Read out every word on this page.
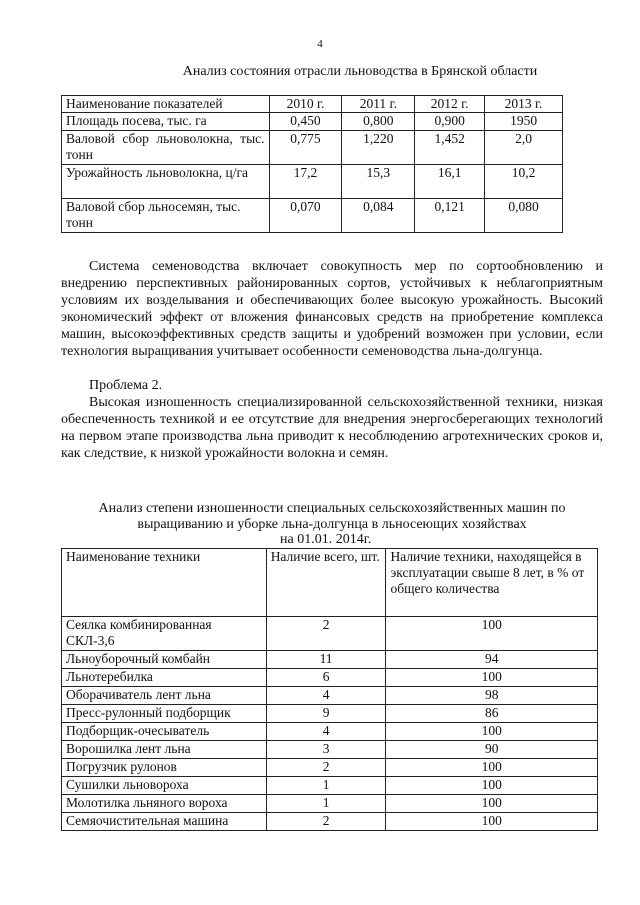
4
Анализ состояния отрасли льноводства в Брянской области
Наименование показателей	2010 г.	2011 г.	2012 г.	2013 г.
Площадь посева, тыс. га	0,450	0,800	0,900	1950
Валовой сбор льноволокна, тыс. тонн	0,775	1,220	1,452	2,0
Урожайность льноволокна, ц/га	17,2	15,3	16,1	10,2
Валовой сбор льносемян, тыс. тонн	0,070	0,084	0,121	0,080
Система семеноводства включает совокупность мер по сортообновлению и внедрению перспективных районированных сортов, устойчивых к неблагоприятным условиям их возделывания и обеспечивающих более высокую урожайность. Высокий экономический эффект от вложения финансовых средств на приобретение комплекса машин, высокоэффективных средств защиты и удобрений возможен при условии, если технология выращивания учитывает особенности семеноводства льна-долгунца.
Проблема 2.
Высокая изношенность специализированной сельскохозяйственной техники, низкая обеспеченность техникой и ее отсутствие для внедрения энергосберегающих технологий на первом этапе производства льна приводит к несоблюдению агротехнических сроков и, как следствие, к низкой урожайности волокна и семян.
Анализ степени изношенности специальных сельскохозяйственных машин по выращиванию и уборке льна-долгунца в льносеющих хозяйствах
на 01.01. 2014г.
Наименование техники	Наличие всего, шт.	Наличие техники, находящейся в эксплуатации свыше 8 лет, в % от общего количества
Сеялка комбинированная СКЛ-3,6	2	100
Льноуборочный комбайн	11	94
Льнотеребилка	6	100
Оборачиватель лент льна	4	98
Пресс-рулонный подборщик	9	86
Подборщик-очесыватель	4	100
Ворошилка лент льна	3	90
Погрузчик рулонов	2	100
Сушилки льновороха	1	100
Молотилка льняного вороха	1	100
Семяочистительная машина	2	100
